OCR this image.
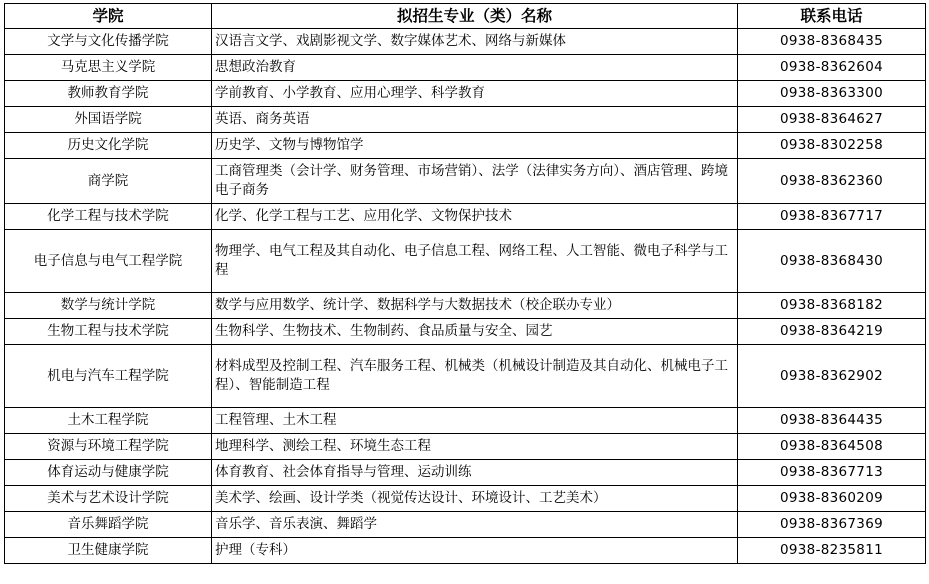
学院	拟招生专业（类）名称	联系电话
文学与文化传播学院	汉语言文学、戏剧影视文学、数字媒体艺术、网络与新媒体	0938-8368435
马克思主义学院	思想政治教育	0938-8362604
教师教育学院	学前教育、小学教育、应用心理学、科学教育	0938-8363300
外国语学院	英语、商务英语	0938-8364627
历史文化学院	历史学、文物与博物馆学	0938-8302258
商学院	工商管理类（会计学、财务管理、市场营销）、法学（法律实务方向）、酒店管理、跨境电子商务	0938-8362360
化学工程与技术学院	化学、化学工程与工艺、应用化学、文物保护技术	0938-8367717
电子信息与电气工程学院	物理学、电气工程及其自动化、电子信息工程、网络工程、人工智能、微电子科学与工程	0938-8368430
数学与统计学院	数学与应用数学、统计学、数据科学与大数据技术（校企联办专业）	0938-8368182
生物工程与技术学院	生物科学、生物技术、生物制药、食品质量与安全、园艺	0938-8364219
机电与汽车工程学院	材料成型及控制工程、汽车服务工程、机械类（机械设计制造及其自动化、机械电子工程）、智能制造工程	0938-8362902
土木工程学院	工程管理、土木工程	0938-8364435
资源与环境工程学院	地理科学、测绘工程、环境生态工程	0938-8364508
体育运动与健康学院	体育教育、社会体育指导与管理、运动训练	0938-8367713
美术与艺术设计学院	美术学、绘画、设计学类（视觉传达设计、环境设计、工艺美术）	0938-8360209
音乐舞蹈学院	音乐学、音乐表演、舞蹈学	0938-8367369
卫生健康学院	护理（专科）	0938-8235811
